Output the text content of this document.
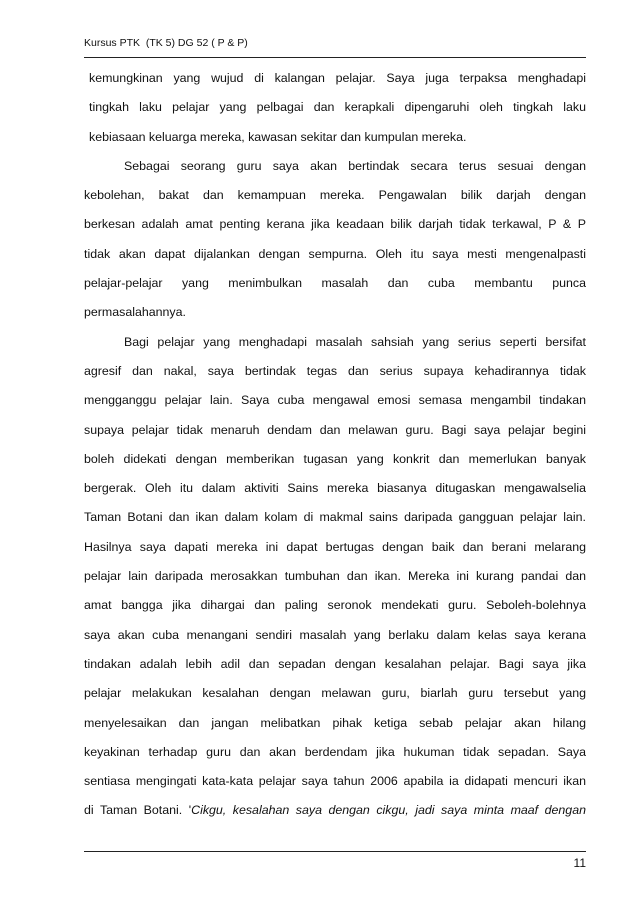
Kursus PTK  (TK 5) DG 52 ( P & P)
kemungkinan yang wujud di kalangan pelajar. Saya juga terpaksa menghadapi
tingkah laku pelajar yang pelbagai dan kerapkali dipengaruhi oleh tingkah laku
kebiasaan keluarga mereka, kawasan sekitar dan kumpulan mereka.
Sebagai seorang guru saya akan bertindak secara terus sesuai dengan
kebolehan, bakat dan kemampuan mereka. Pengawalan bilik darjah dengan
berkesan adalah amat penting kerana jika keadaan bilik darjah tidak terkawal, P & P
tidak akan dapat dijalankan dengan sempurna. Oleh itu saya mesti mengenalpasti
pelajar-pelajar yang menimbulkan masalah dan cuba membantu punca
permasalahannya.
Bagi pelajar yang menghadapi masalah sahsiah yang serius seperti bersifat
agresif dan nakal, saya bertindak tegas dan serius supaya kehadirannya tidak
mengganggu pelajar lain. Saya cuba mengawal emosi semasa mengambil tindakan
supaya pelajar tidak menaruh dendam dan melawan guru. Bagi saya pelajar begini
boleh didekati dengan memberikan tugasan yang konkrit dan memerlukan banyak
bergerak. Oleh itu dalam aktiviti Sains mereka biasanya ditugaskan mengawalselia
Taman Botani dan ikan dalam kolam di makmal sains daripada gangguan pelajar lain.
Hasilnya saya dapati mereka ini dapat bertugas dengan baik dan berani melarang
pelajar lain daripada merosakkan tumbuhan dan ikan. Mereka ini kurang pandai dan
amat bangga jika dihargai dan paling seronok mendekati guru. Seboleh-bolehnya
saya akan cuba menangani sendiri masalah yang berlaku dalam kelas saya kerana
tindakan adalah lebih adil dan sepadan dengan kesalahan pelajar. Bagi saya jika
pelajar melakukan kesalahan dengan melawan guru, biarlah guru tersebut yang
menyelesaikan dan jangan melibatkan pihak ketiga sebab pelajar akan hilang
keyakinan terhadap guru dan akan berdendam jika hukuman tidak sepadan. Saya
sentiasa mengingati kata-kata pelajar saya tahun 2006 apabila ia didapati mencuri ikan
di Taman Botani. 'Cikgu, kesalahan saya dengan cikgu, jadi saya minta maaf dengan
11
